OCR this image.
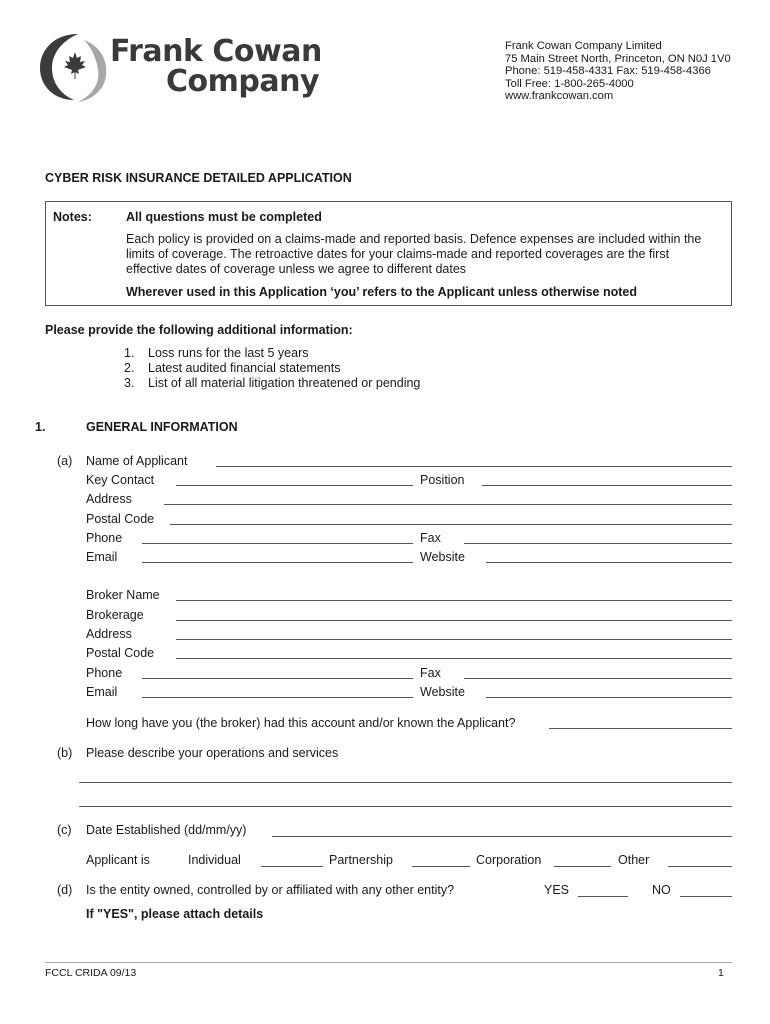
Frank Cowan
Company
Frank Cowan Company Limited
75 Main Street North, Princeton, ON N0J 1V0
Phone: 519-458-4331 Fax: 519-458-4366
Toll Free: 1-800-265-4000
www.frankcowan.com
CYBER RISK INSURANCE DETAILED APPLICATION
Notes:	All questions must be completed
Each policy is provided on a claims-made and reported basis. Defence expenses are included within the limits of coverage. The retroactive dates for your claims-made and reported coverages are the first effective dates of coverage unless we agree to different dates
Wherever used in this Application ‘you’ refers to the Applicant unless otherwise noted
Please provide the following additional information:
1. Loss runs for the last 5 years
2. Latest audited financial statements
3. List of all material litigation threatened or pending
1.	GENERAL INFORMATION
(a) Name of Applicant
Key Contact	Position
Address
Postal Code
Phone	Fax
Email	Website
Broker Name
Brokerage
Address
Postal Code
Phone	Fax
Email	Website
How long have you (the broker) had this account and/or known the Applicant?
(b) Please describe your operations and services
(c) Date Established (dd/mm/yy)
Applicant is	Individual	Partnership	Corporation	Other
(d) Is the entity owned, controlled by or affiliated with any other entity?	YES	NO
If "YES", please attach details
FCCL CRIDA 09/13	1
